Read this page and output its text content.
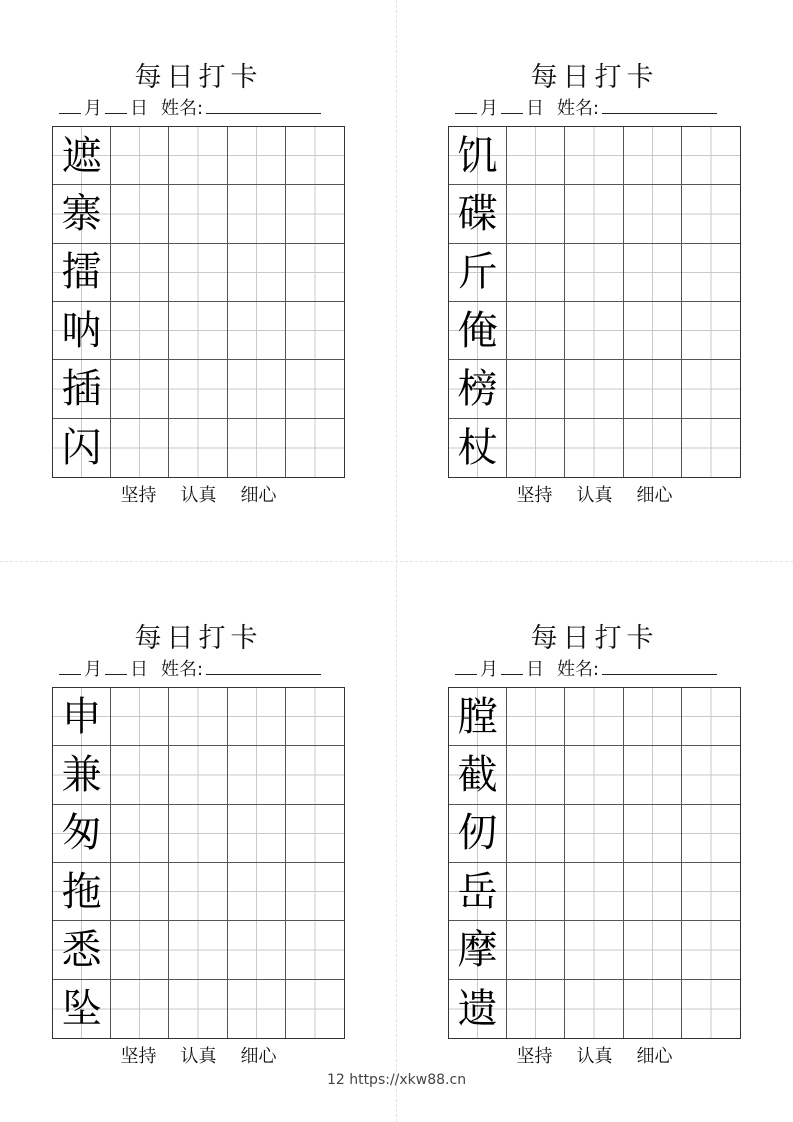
每日打卡
月 日 姓名:
遮
寨
擂
呐
插
闪
坚持 认真 细心
每日打卡
月 日 姓名:
饥
碟
斤
俺
榜
杖
坚持 认真 细心
每日打卡
月 日 姓名:
申
兼
匆
拖
悉
坠
坚持 认真 细心
每日打卡
月 日 姓名:
膛
截
仞
岳
摩
遗
坚持 认真 细心
12 https://xkw88.cn
